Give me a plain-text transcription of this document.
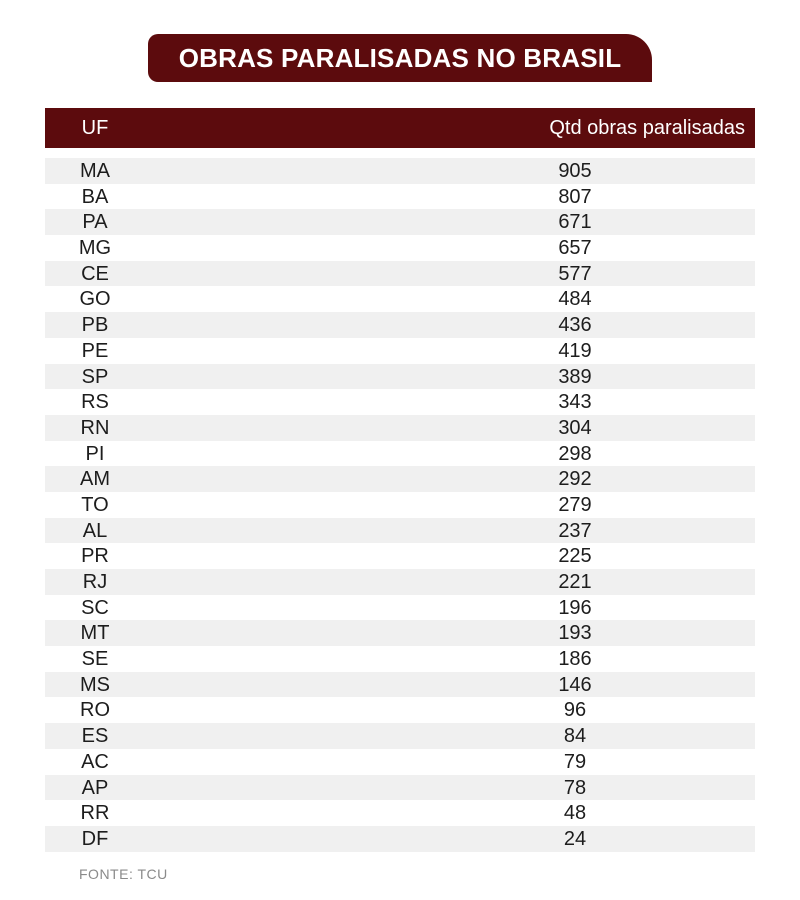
OBRAS PARALISADAS NO BRASIL
UF	Qtd obras paralisadas
MA	905
BA	807
PA	671
MG	657
CE	577
GO	484
PB	436
PE	419
SP	389
RS	343
RN	304
PI	298
AM	292
TO	279
AL	237
PR	225
RJ	221
SC	196
MT	193
SE	186
MS	146
RO	96
ES	84
AC	79
AP	78
RR	48
DF	24
FONTE: TCU
